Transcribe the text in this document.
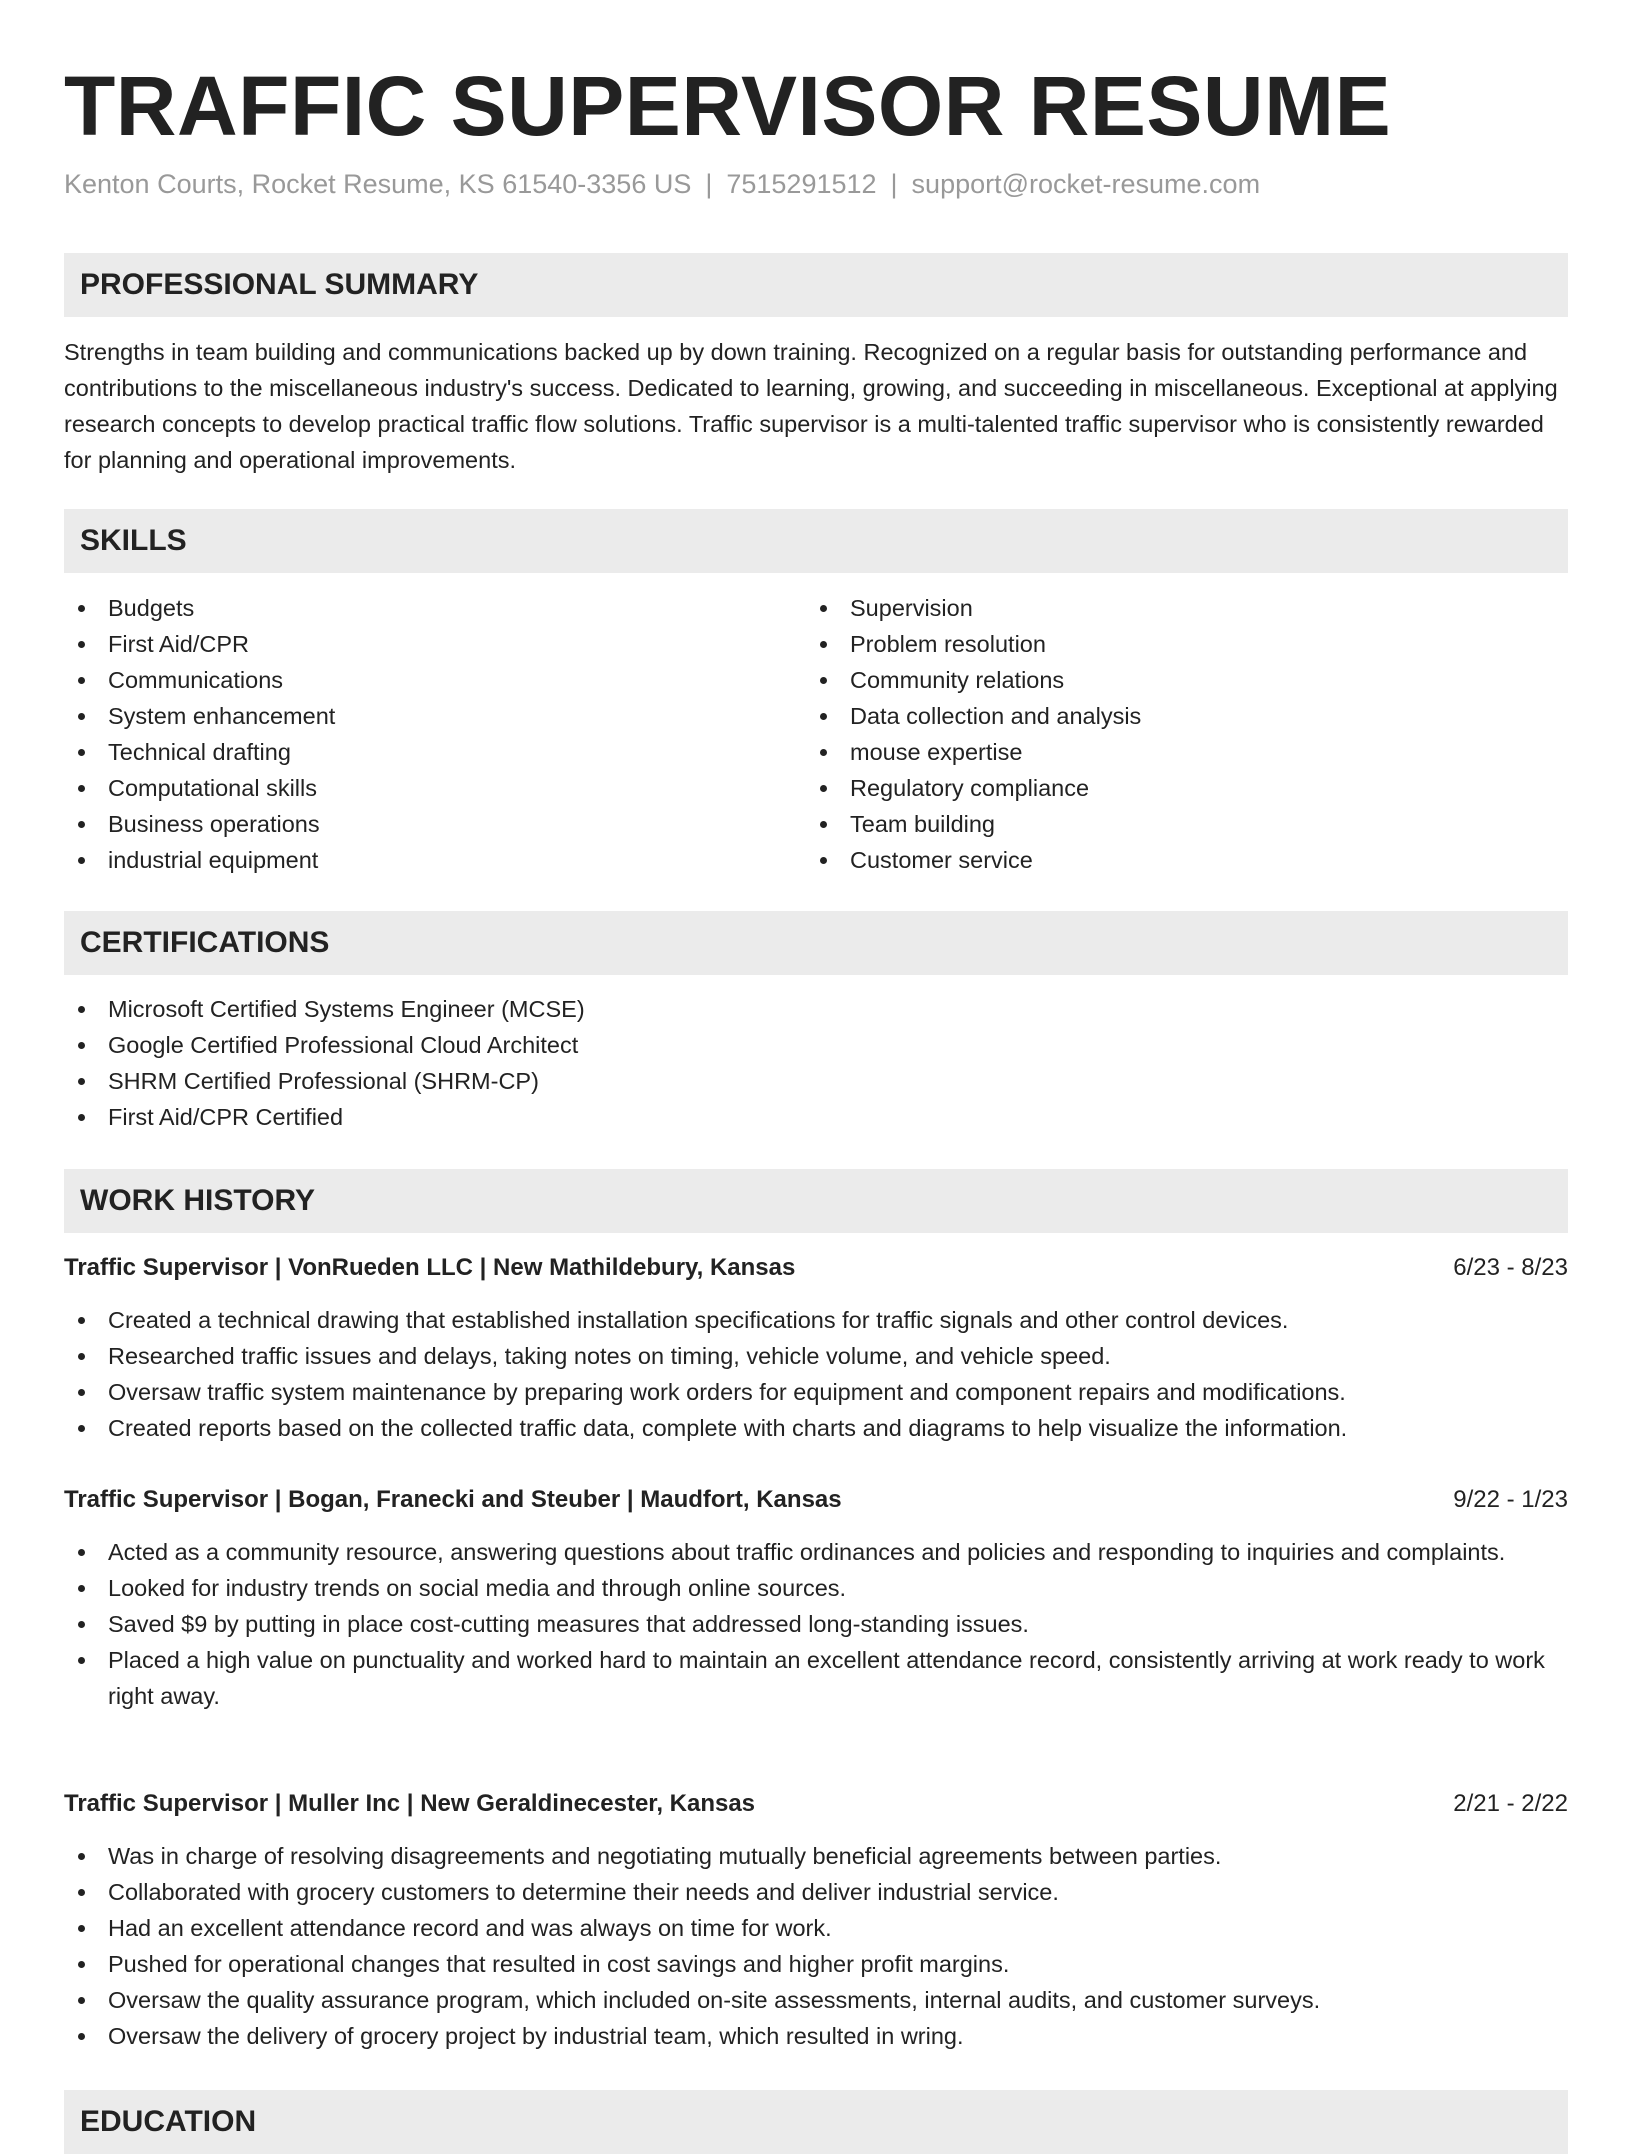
TRAFFIC SUPERVISOR RESUME
Kenton Courts, Rocket Resume, KS 61540-3356 US | 7515291512 | support@rocket-resume.com
PROFESSIONAL SUMMARY

Strengths in team building and communications backed up by down training. Recognized on a regular basis for outstanding performance and contributions to the miscellaneous industry's success. Dedicated to learning, growing, and succeeding in miscellaneous. Exceptional at applying research concepts to develop practical traffic flow solutions. Traffic supervisor is a multi-talented traffic supervisor who is consistently rewarded for planning and operational improvements.

SKILLS
Budgets
First Aid/CPR
Communications
System enhancement
Technical drafting
Computational skills
Business operations
industrial equipment
Supervision
Problem resolution
Community relations
Data collection and analysis
mouse expertise
Regulatory compliance
Team building
Customer service
CERTIFICATIONS
Microsoft Certified Systems Engineer (MCSE)
Google Certified Professional Cloud Architect
SHRM Certified Professional (SHRM-CP)
First Aid/CPR Certified
WORK HISTORY
Traffic Supervisor | VonRueden LLC | New Mathildebury, Kansas	6/23 - 8/23
Created a technical drawing that established installation specifications for traffic signals and other control devices.
Researched traffic issues and delays, taking notes on timing, vehicle volume, and vehicle speed.
Oversaw traffic system maintenance by preparing work orders for equipment and component repairs and modifications.
Created reports based on the collected traffic data, complete with charts and diagrams to help visualize the information.
Traffic Supervisor | Bogan, Franecki and Steuber | Maudfort, Kansas	9/22 - 1/23
Acted as a community resource, answering questions about traffic ordinances and policies and responding to inquiries and complaints.
Looked for industry trends on social media and through online sources.
Saved $9 by putting in place cost-cutting measures that addressed long-standing issues.
Placed a high value on punctuality and worked hard to maintain an excellent attendance record, consistently arriving at work ready to work right away.
Traffic Supervisor | Muller Inc | New Geraldinecester, Kansas	2/21 - 2/22
Was in charge of resolving disagreements and negotiating mutually beneficial agreements between parties.
Collaborated with grocery customers to determine their needs and deliver industrial service.
Had an excellent attendance record and was always on time for work.
Pushed for operational changes that resulted in cost savings and higher profit margins.
Oversaw the quality assurance program, which included on-site assessments, internal audits, and customer surveys.
Oversaw the delivery of grocery project by industrial team, which resulted in wring.
EDUCATION
